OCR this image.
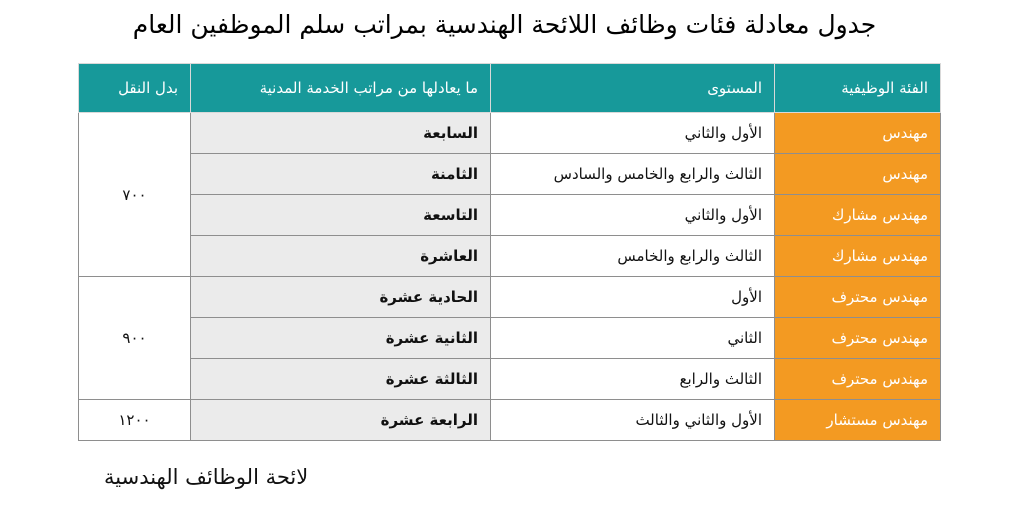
جدول معادلة فئات وظائف اللائحة الهندسية بمراتب سلم الموظفين العام
الفئة الوظيفية	المستوى	ما يعادلها من مراتب الخدمة المدنية	بدل النقل
مهندس	الأول والثاني	السابعة	٧٠٠
مهندس	الثالث والرابع والخامس والسادس	الثامنة	
مهندس مشارك	الأول والثاني	التاسعة	
مهندس مشارك	الثالث والرابع والخامس	العاشرة	
مهندس محترف	الأول	الحادية عشرة	٩٠٠
مهندس محترف	الثاني	الثانية عشرة	
مهندس محترف	الثالث والرابع	الثالثة عشرة	
مهندس مستشار	الأول والثاني والثالث	الرابعة عشرة	١٢٠٠
لائحة الوظائف الهندسية
